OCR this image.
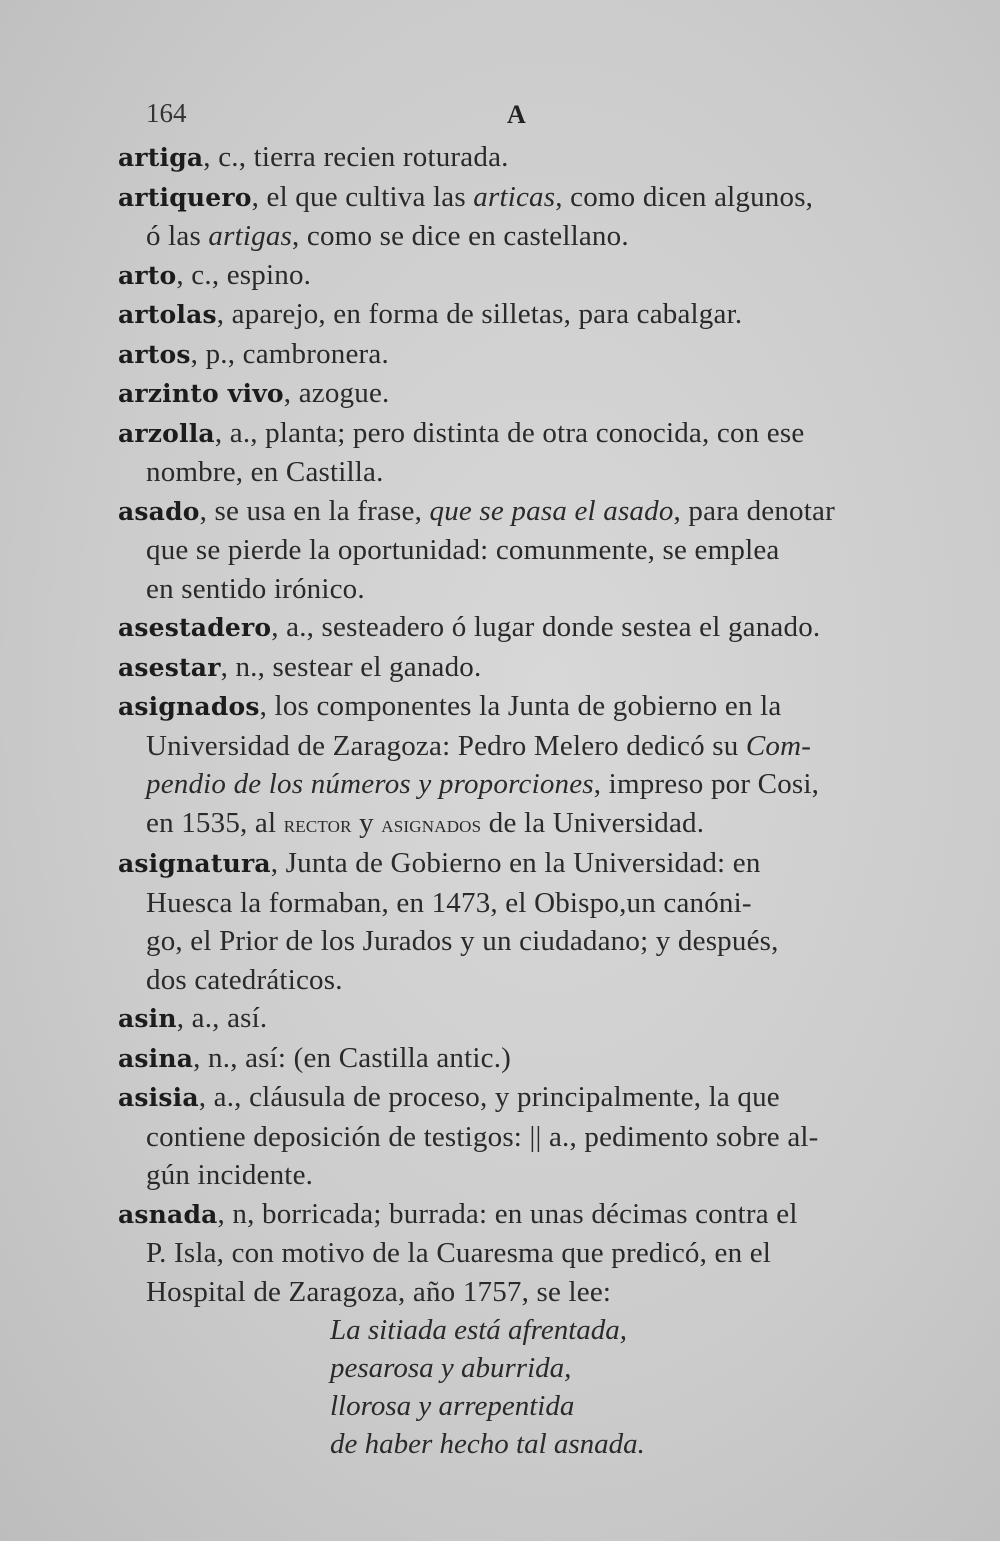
164	A
artiga, c., tierra recien roturada.
artiquero, el que cultiva las articas, como dicen algunos,
ó las artigas, como se dice en castellano.
arto, c., espino.
artolas, aparejo, en forma de silletas, para cabalgar.
artos, p., cambronera.
arzinto vivo, azogue.
arzolla, a., planta; pero distinta de otra conocida, con ese
nombre, en Castilla.
asado, se usa en la frase, que se pasa el asado, para denotar
que se pierde la oportunidad: comunmente, se emplea
en sentido irónico.
asestadero, a., sesteadero ó lugar donde sestea el ganado.
asestar, n., sestear el ganado.
asignados, los componentes la Junta de gobierno en la
Universidad de Zaragoza: Pedro Melero dedicó su Com-
pendio de los números y proporciones, impreso por Cosi,
en 1535, al rector y asignados de la Universidad.
asignatura, Junta de Gobierno en la Universidad: en
Huesca la formaban, en 1473, el Obispo,un canóni-
go, el Prior de los Jurados y un ciudadano; y después,
dos catedráticos.
asin, a., así.
asina, n., así: (en Castilla antic.)
asisia, a., cláusula de proceso, y principalmente, la que
contiene deposición de testigos: || a., pedimento sobre al-
gún incidente.
asnada, n, borricada; burrada: en unas décimas contra el
P. Isla, con motivo de la Cuaresma que predicó, en el
Hospital de Zaragoza, año 1757, se lee:
La sitiada está afrentada,
pesarosa y aburrida,
llorosa y arrepentida
de haber hecho tal asnada.
